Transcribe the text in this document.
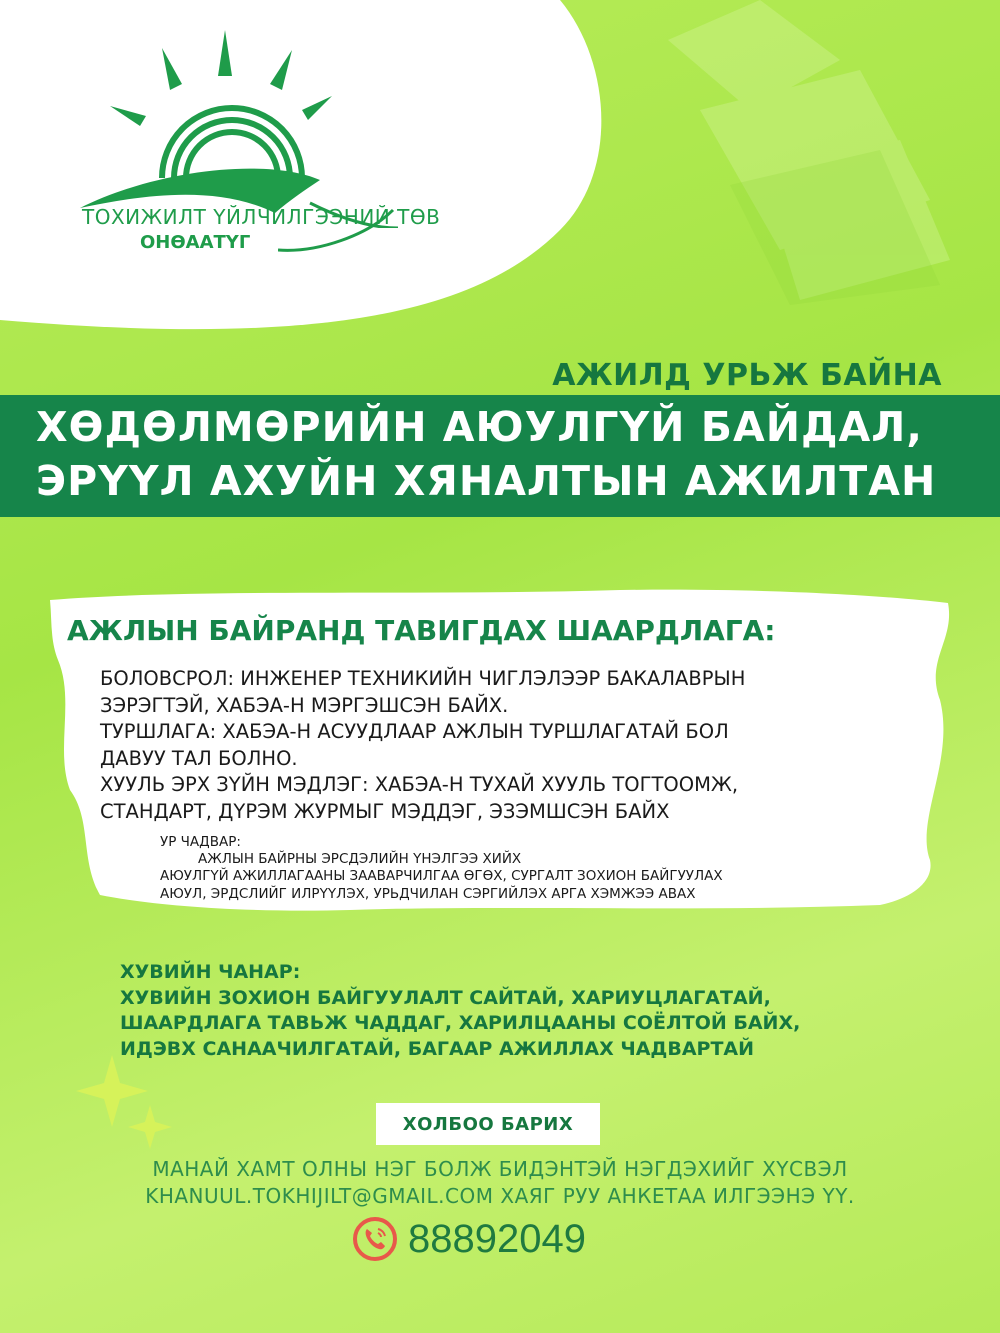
ТОХИЖИЛТ ҮЙЛЧИЛГЭЭНИЙ ТӨВ
ОНӨААТҮГ
АЖИЛД УРЬЖ БАЙНА
ХӨДӨЛМӨРИЙН АЮУЛГҮЙ БАЙДАЛ,
ЭРҮҮЛ АХУЙН ХЯНАЛТЫН АЖИЛТАН
АЖЛЫН БАЙРАНД ТАВИГДАХ ШААРДЛАГА:
БОЛОВСРОЛ: ИНЖЕНЕР ТЕХНИКИЙН ЧИГЛЭЛЭЭР БАКАЛАВРЫН
ЗЭРЭГТЭЙ, ХАБЭА-Н МЭРГЭШСЭН БАЙХ.
ТУРШЛАГА: ХАБЭА-Н АСУУДЛААР АЖЛЫН ТУРШЛАГАТАЙ БОЛ
ДАВУУ ТАЛ БОЛНО.
ХУУЛЬ ЭРХ ЗҮЙН МЭДЛЭГ: ХАБЭА-Н ТУХАЙ ХУУЛЬ ТОГТООМЖ,
СТАНДАРТ, ДҮРЭМ ЖУРМЫГ МЭДДЭГ, ЭЗЭМШСЭН БАЙХ
УР ЧАДВАР:
АЖЛЫН БАЙРНЫ ЭРСДЭЛИЙН ҮНЭЛГЭЭ ХИЙХ
АЮУЛГҮЙ АЖИЛЛАГААНЫ ЗААВАРЧИЛГАА ӨГӨХ, СУРГАЛТ ЗОХИОН БАЙГУУЛАХ
АЮУЛ, ЭРДСЛИЙГ ИЛРҮҮЛЭХ, УРЬДЧИЛАН СЭРГИЙЛЭХ АРГА ХЭМЖЭЭ АВАХ
ХУВИЙН ЧАНАР:
ХУВИЙН ЗОХИОН БАЙГУУЛАЛТ САЙТАЙ, ХАРИУЦЛАГАТАЙ,
ШААРДЛАГА ТАВЬЖ ЧАДДАГ, ХАРИЛЦААНЫ СОЁЛТОЙ БАЙХ,
ИДЭВХ САНААЧИЛГАТАЙ, БАГААР АЖИЛЛАХ ЧАДВАРТАЙ
ХОЛБОО БАРИХ
МАНАЙ ХАМТ ОЛНЫ НЭГ БОЛЖ БИДЭНТЭЙ НЭГДЭХИЙГ ХҮСВЭЛ
KHANUUL.TOKHIJILT@GMAIL.COM ХАЯГ РУУ АНКЕТАА ИЛГЭЭНЭ ҮҮ.
88892049
